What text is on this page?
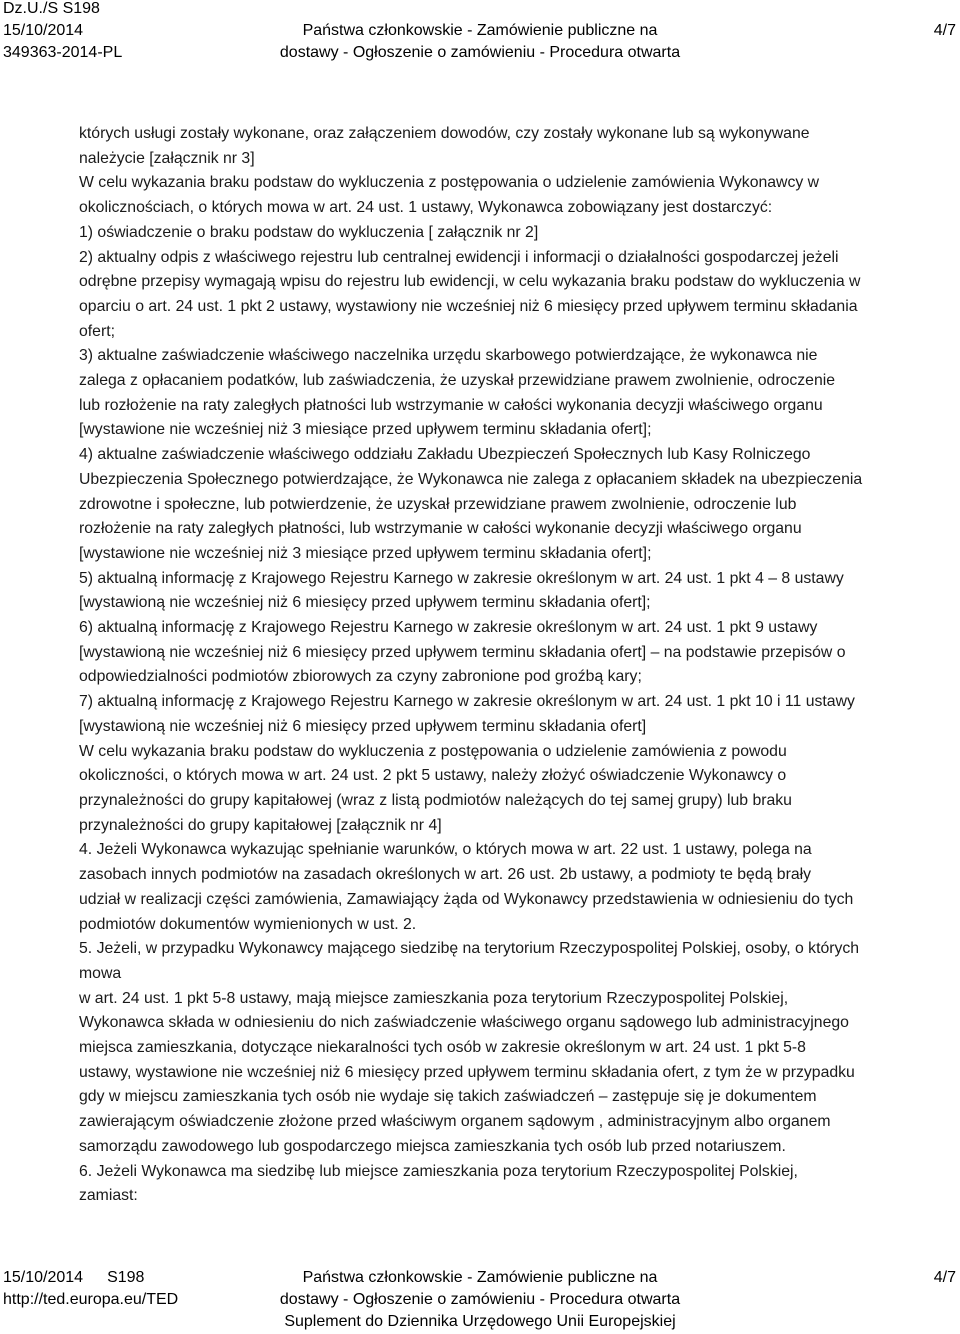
Dz.U./S S198
15/10/2014
349363-2014-PL
Państwa członkowskie - Zamówienie publiczne na
dostawy - Ogłoszenie o zamówieniu - Procedura otwarta
4/7
których usługi zostały wykonane, oraz załączeniem dowodów, czy zostały wykonane lub są wykonywane
należycie [załącznik nr 3]
W celu wykazania braku podstaw do wykluczenia z postępowania o udzielenie zamówienia Wykonawcy w
okolicznościach, o których mowa w art. 24 ust. 1 ustawy, Wykonawca zobowiązany jest dostarczyć:
1) oświadczenie o braku podstaw do wykluczenia [ załącznik nr 2]
2) aktualny odpis z właściwego rejestru lub centralnej ewidencji i informacji o działalności gospodarczej jeżeli
odrębne przepisy wymagają wpisu do rejestru lub ewidencji, w celu wykazania braku podstaw do wykluczenia w
oparciu o art. 24 ust. 1 pkt 2 ustawy, wystawiony nie wcześniej niż 6 miesięcy przed upływem terminu składania
ofert;
3) aktualne zaświadczenie właściwego naczelnika urzędu skarbowego potwierdzające, że wykonawca nie
zalega z opłacaniem podatków, lub zaświadczenia, że uzyskał przewidziane prawem zwolnienie, odroczenie
lub rozłożenie na raty zaległych płatności lub wstrzymanie w całości wykonania decyzji właściwego organu
[wystawione nie wcześniej niż 3 miesiące przed upływem terminu składania ofert];
4) aktualne zaświadczenie właściwego oddziału Zakładu Ubezpieczeń Społecznych lub Kasy Rolniczego
Ubezpieczenia Społecznego potwierdzające, że Wykonawca nie zalega z opłacaniem składek na ubezpieczenia
zdrowotne i społeczne, lub potwierdzenie, że uzyskał przewidziane prawem zwolnienie, odroczenie lub
rozłożenie na raty zaległych płatności, lub wstrzymanie w całości wykonanie decyzji właściwego organu
[wystawione nie wcześniej niż 3 miesiące przed upływem terminu składania ofert];
5) aktualną informację z Krajowego Rejestru Karnego w zakresie określonym w art. 24 ust. 1 pkt 4 – 8 ustawy
[wystawioną nie wcześniej niż 6 miesięcy przed upływem terminu składania ofert];
6) aktualną informację z Krajowego Rejestru Karnego w zakresie określonym w art. 24 ust. 1 pkt 9 ustawy
[wystawioną nie wcześniej niż 6 miesięcy przed upływem terminu składania ofert] – na podstawie przepisów o
odpowiedzialności podmiotów zbiorowych za czyny zabronione pod groźbą kary;
7) aktualną informację z Krajowego Rejestru Karnego w zakresie określonym w art. 24 ust. 1 pkt 10 i 11 ustawy
[wystawioną nie wcześniej niż 6 miesięcy przed upływem terminu składania ofert]
W celu wykazania braku podstaw do wykluczenia z postępowania o udzielenie zamówienia z powodu
okoliczności, o których mowa w art. 24 ust. 2 pkt 5 ustawy, należy złożyć oświadczenie Wykonawcy o
przynależności do grupy kapitałowej (wraz z listą podmiotów należących do tej samej grupy) lub braku
przynależności do grupy kapitałowej [załącznik nr 4]
4. Jeżeli Wykonawca wykazując spełnianie warunków, o których mowa w art. 22 ust. 1 ustawy, polega na
zasobach innych podmiotów na zasadach określonych w art. 26 ust. 2b ustawy, a podmioty te będą brały
udział w realizacji części zamówienia, Zamawiający żąda od Wykonawcy przedstawienia w odniesieniu do tych
podmiotów dokumentów wymienionych w ust. 2.
5. Jeżeli, w przypadku Wykonawcy mającego siedzibę na terytorium Rzeczypospolitej Polskiej, osoby, o których
mowa
w art. 24 ust. 1 pkt 5-8 ustawy, mają miejsce zamieszkania poza terytorium Rzeczypospolitej Polskiej,
Wykonawca składa w odniesieniu do nich zaświadczenie właściwego organu sądowego lub administracyjnego
miejsca zamieszkania, dotyczące niekaralności tych osób w zakresie określonym w art. 24 ust. 1 pkt 5-8
ustawy, wystawione nie wcześniej niż 6 miesięcy przed upływem terminu składania ofert, z tym że w przypadku
gdy w miejscu zamieszkania tych osób nie wydaje się takich zaświadczeń – zastępuje się je dokumentem
zawierającym oświadczenie złożone przed właściwym organem sądowym , administracyjnym albo organem
samorządu zawodowego lub gospodarczego miejsca zamieszkania tych osób lub przed notariuszem.
6. Jeżeli Wykonawca ma siedzibę lub miejsce zamieszkania poza terytorium Rzeczypospolitej Polskiej,
zamiast:
15/10/2014 S198
http://ted.europa.eu/TED
Państwa członkowskie - Zamówienie publiczne na
dostawy - Ogłoszenie o zamówieniu - Procedura otwarta
Suplement do Dziennika Urzędowego Unii Europejskiej
4/7
